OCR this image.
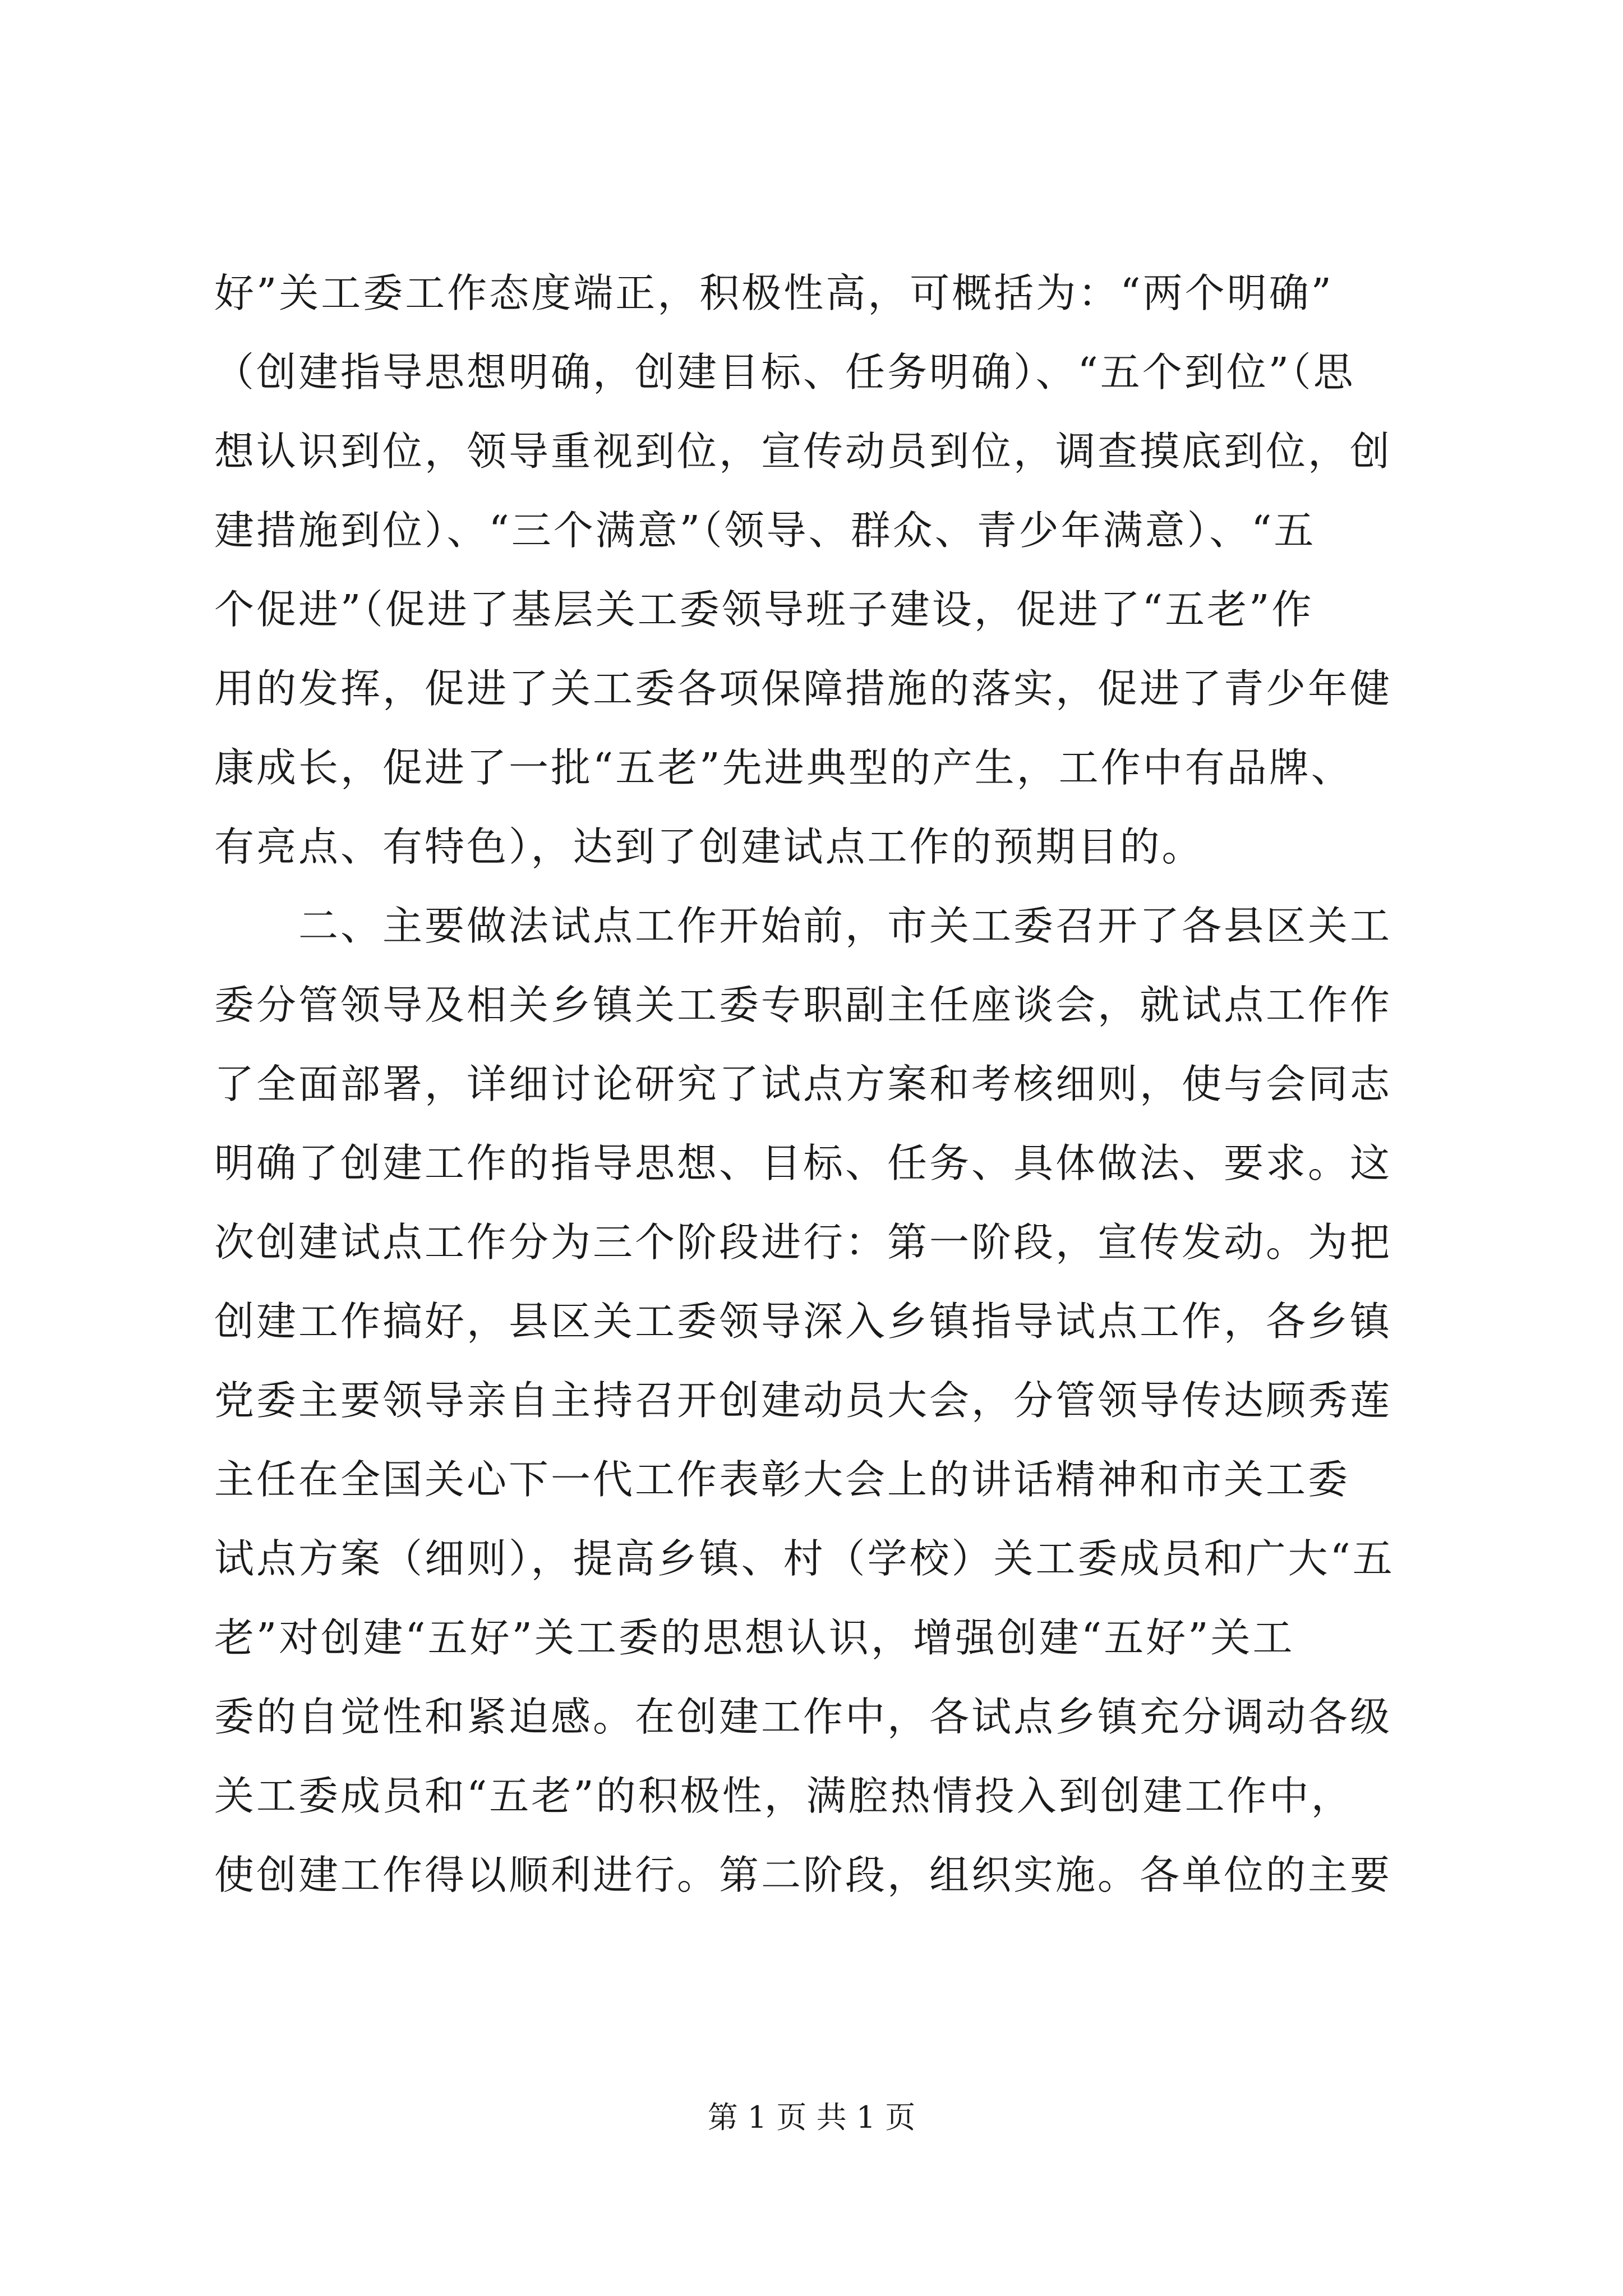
好”关工委工作态度端正，积极性高，可概括为：“两个明确”
（创建指导思想明确，创建目标、任务明确）、“五个到位”（思
想认识到位，领导重视到位，宣传动员到位，调查摸底到位，创
建措施到位）、“三个满意”（领导、群众、青少年满意）、“五
个促进”（促进了基层关工委领导班子建设，促进了“五老”作
用的发挥，促进了关工委各项保障措施的落实，促进了青少年健
康成长，促进了一批“五老”先进典型的产生，工作中有品牌、
有亮点、有特色），达到了创建试点工作的预期目的。
二、主要做法试点工作开始前，市关工委召开了各县区关工
委分管领导及相关乡镇关工委专职副主任座谈会，就试点工作作
了全面部署，详细讨论研究了试点方案和考核细则，使与会同志
明确了创建工作的指导思想、目标、任务、具体做法、要求。这
次创建试点工作分为三个阶段进行：第一阶段，宣传发动。为把
创建工作搞好，县区关工委领导深入乡镇指导试点工作，各乡镇
党委主要领导亲自主持召开创建动员大会，分管领导传达顾秀莲
主任在全国关心下一代工作表彰大会上的讲话精神和市关工委
试点方案（细则），提高乡镇、村（学校）关工委成员和广大“五
老”对创建“五好”关工委的思想认识，增强创建“五好”关工
委的自觉性和紧迫感。在创建工作中，各试点乡镇充分调动各级
关工委成员和“五老”的积极性，满腔热情投入到创建工作中，
使创建工作得以顺利进行。第二阶段，组织实施。各单位的主要
第 1 页 共 1 页
